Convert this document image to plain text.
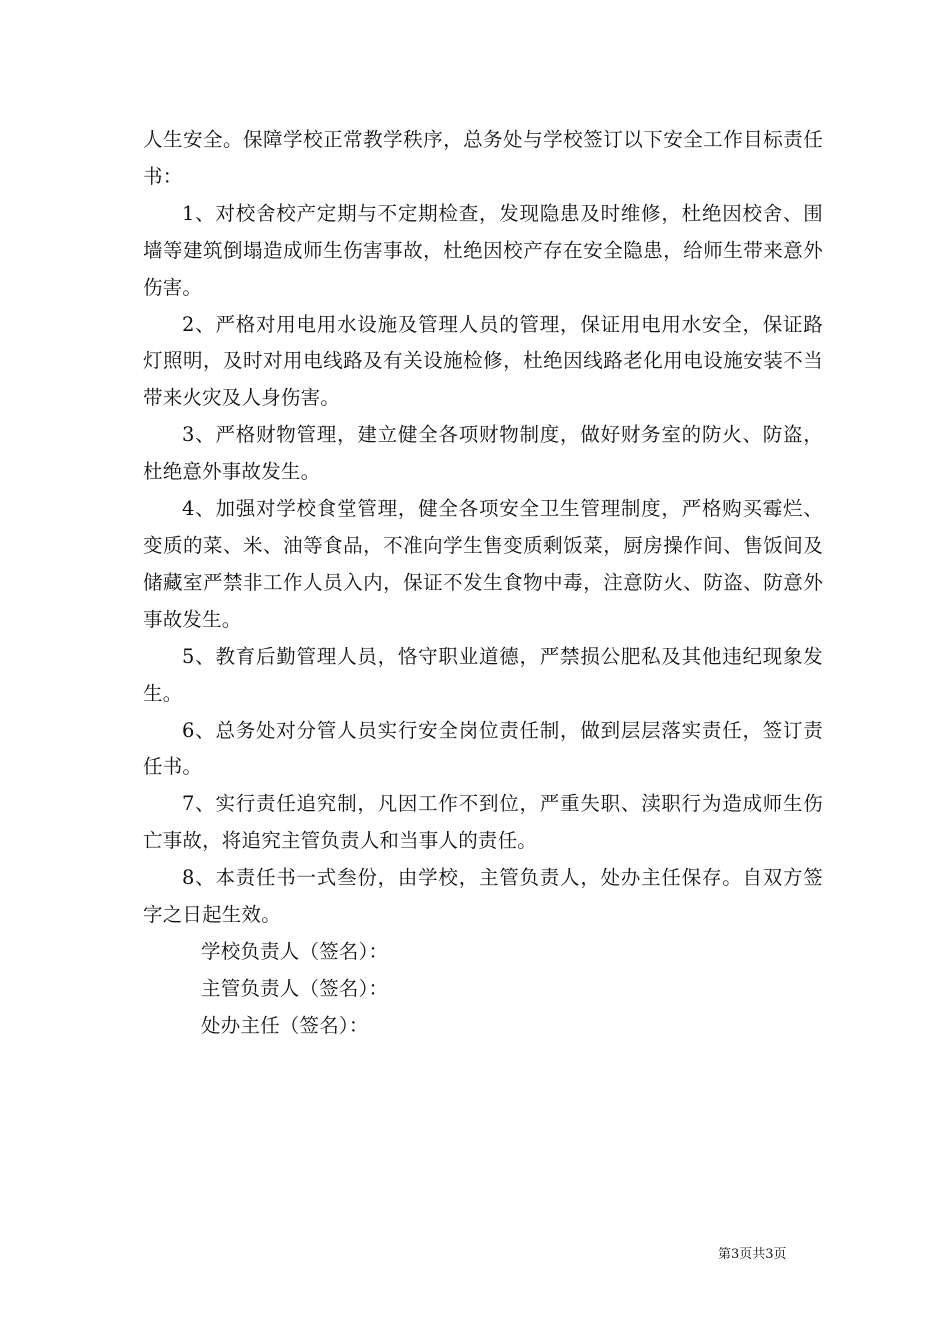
人生安全。保障学校正常教学秩序，总务处与学校签订以下安全工作目标责任书：

1、对校舍校产定期与不定期检查，发现隐患及时维修，杜绝因校舍、围墙等建筑倒塌造成师生伤害事故，杜绝因校产存在安全隐患，给师生带来意外伤害。

2、严格对用电用水设施及管理人员的管理，保证用电用水安全，保证路灯照明，及时对用电线路及有关设施检修，杜绝因线路老化用电设施安装不当带来火灾及人身伤害。

3、严格财物管理，建立健全各项财物制度，做好财务室的防火、防盗，杜绝意外事故发生。

4、加强对学校食堂管理，健全各项安全卫生管理制度，严格购买霉烂、变质的菜、米、油等食品，不准向学生售变质剩饭菜，厨房操作间、售饭间及储藏室严禁非工作人员入内，保证不发生食物中毒，注意防火、防盗、防意外事故发生。

5、教育后勤管理人员，恪守职业道德，严禁损公肥私及其他违纪现象发生。

6、总务处对分管人员实行安全岗位责任制，做到层层落实责任，签订责任书。

7、实行责任追究制，凡因工作不到位，严重失职、渎职行为造成师生伤亡事故，将追究主管负责人和当事人的责任。

8、本责任书一式叁份，由学校，主管负责人，处办主任保存。自双方签字之日起生效。

学校负责人（签名）：

主管负责人（签名）：

处办主任（签名）：

第3页共3页
